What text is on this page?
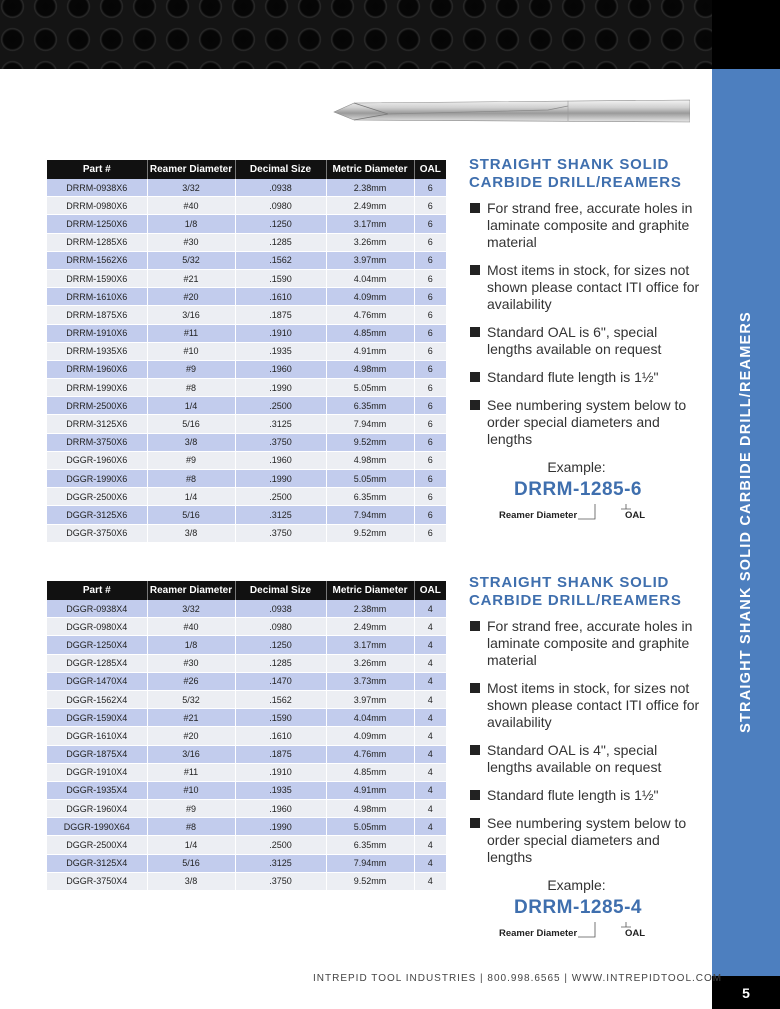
Part #	Reamer Diameter	Decimal Size	Metric Diameter	OAL
DRRM-0938X6	3/32	.0938	2.38mm	6
DRRM-0980X6	#40	.0980	2.49mm	6
DRRM-1250X6	1/8	.1250	3.17mm	6
DRRM-1285X6	#30	.1285	3.26mm	6
DRRM-1562X6	5/32	.1562	3.97mm	6
DRRM-1590X6	#21	.1590	4.04mm	6
DRRM-1610X6	#20	.1610	4.09mm	6
DRRM-1875X6	3/16	.1875	4.76mm	6
DRRM-1910X6	#11	.1910	4.85mm	6
DRRM-1935X6	#10	.1935	4.91mm	6
DRRM-1960X6	#9	.1960	4.98mm	6
DRRM-1990X6	#8	.1990	5.05mm	6
DRRM-2500X6	1/4	.2500	6.35mm	6
DRRM-3125X6	5/16	.3125	7.94mm	6
DRRM-3750X6	3/8	.3750	9.52mm	6
DGGR-1960X6	#9	.1960	4.98mm	6
DGGR-1990X6	#8	.1990	5.05mm	6
DGGR-2500X6	1/4	.2500	6.35mm	6
DGGR-3125X6	5/16	.3125	7.94mm	6
DGGR-3750X6	3/8	.3750	9.52mm	6
Part #	Reamer Diameter	Decimal Size	Metric Diameter	OAL
DGGR-0938X4	3/32	.0938	2.38mm	4
DGGR-0980X4	#40	.0980	2.49mm	4
DGGR-1250X4	1/8	.1250	3.17mm	4
DGGR-1285X4	#30	.1285	3.26mm	4
DGGR-1470X4	#26	.1470	3.73mm	4
DGGR-1562X4	5/32	.1562	3.97mm	4
DGGR-1590X4	#21	.1590	4.04mm	4
DGGR-1610X4	#20	.1610	4.09mm	4
DGGR-1875X4	3/16	.1875	4.76mm	4
DGGR-1910X4	#11	.1910	4.85mm	4
DGGR-1935X4	#10	.1935	4.91mm	4
DGGR-1960X4	#9	.1960	4.98mm	4
DGGR-1990X64	#8	.1990	5.05mm	4
DGGR-2500X4	1/4	.2500	6.35mm	4
DGGR-3125X4	5/16	.3125	7.94mm	4
DGGR-3750X4	3/8	.3750	9.52mm	4
STRAIGHT SHANK SOLID
CARBIDE DRILL/REAMERS
For strand free, accurate holes in laminate composite and graphite material
Most items in stock, for sizes not shown please contact ITI office for availability
Standard OAL is 6", special lengths available on request
Standard flute length is 1½"
See numbering system below to order special diameters and lengths
Example:
DRRM-1285-6
Reamer Diameter	OAL
STRAIGHT SHANK SOLID
CARBIDE DRILL/REAMERS
For strand free, accurate holes in laminate composite and graphite material
Most items in stock, for sizes not shown please contact ITI office for availability
Standard OAL is 4", special lengths available on request
Standard flute length is 1½"
See numbering system below to order special diameters and lengths
Example:
DRRM-1285-4
Reamer Diameter	OAL
STRAIGHT SHANK SOLID CARBIDE DRILL/REAMERS
5
INTREPID TOOL INDUSTRIES | 800.998.6565 | WWW.INTREPIDTOOL.COM
